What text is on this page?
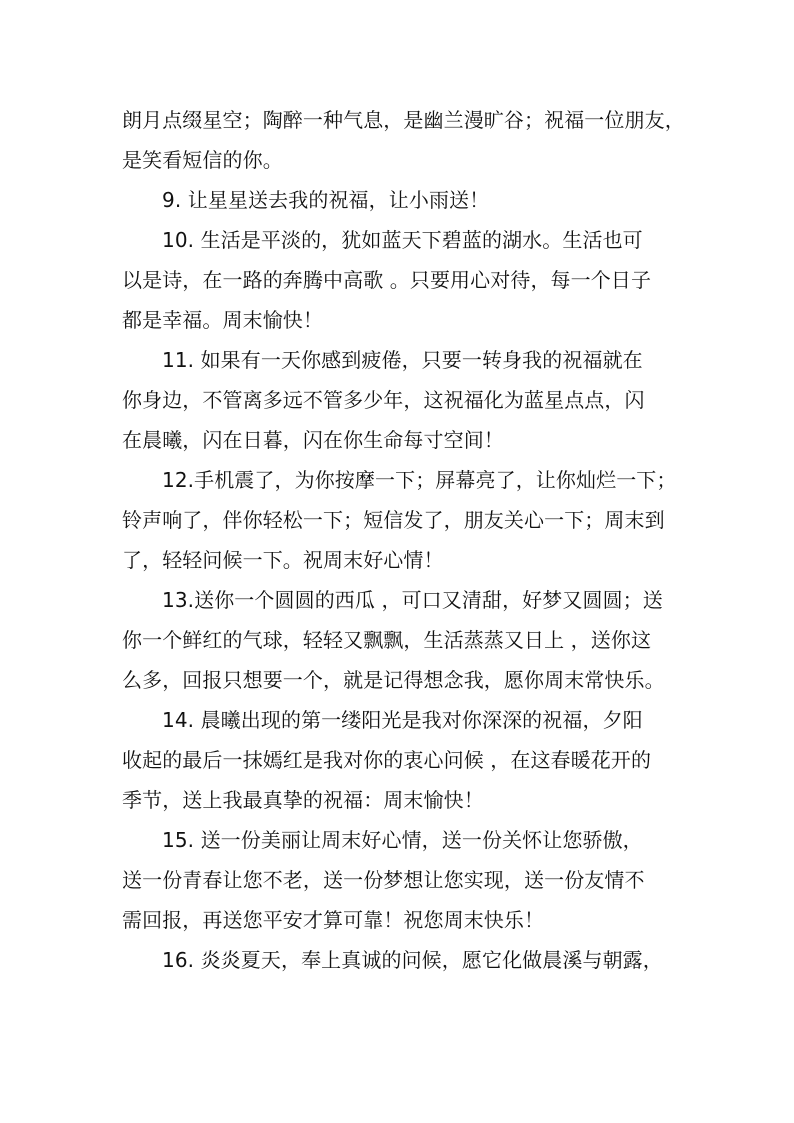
朗月点缀星空；陶醉一种气息，是幽兰漫旷谷；祝福一位朋友，
是笑看短信的你。
9. 让星星送去我的祝福，让小雨送！
10. 生活是平淡的，犹如蓝天下碧蓝的湖水。生活也可
以是诗，在一路的奔腾中高歌 。只要用心对待，每一个日子
都是幸福。周末愉快！
11. 如果有一天你感到疲倦，只要一转身我的祝福就在
你身边，不管离多远不管多少年，这祝福化为蓝星点点，闪
在晨曦，闪在日暮，闪在你生命每寸空间！
12.手机震了，为你按摩一下；屏幕亮了，让你灿烂一下；
铃声响了，伴你轻松一下；短信发了，朋友关心一下；周末到
了，轻轻问候一下。祝周末好心情！
13.送你一个圆圆的西瓜 ，可口又清甜，好梦又圆圆；送
你一个鲜红的气球，轻轻又飘飘，生活蒸蒸又日上 ，送你这
么多，回报只想要一个，就是记得想念我，愿你周末常快乐。
14. 晨曦出现的第一缕阳光是我对你深深的祝福，夕阳
收起的最后一抹嫣红是我对你的衷心问候 ，在这春暖花开的
季节，送上我最真挚的祝福：周末愉快！
15. 送一份美丽让周末好心情，送一份关怀让您骄傲，
送一份青春让您不老，送一份梦想让您实现，送一份友情不
需回报，再送您平安才算可靠！祝您周末快乐！
16. 炎炎夏天，奉上真诚的问候，愿它化做晨溪与朝露，
